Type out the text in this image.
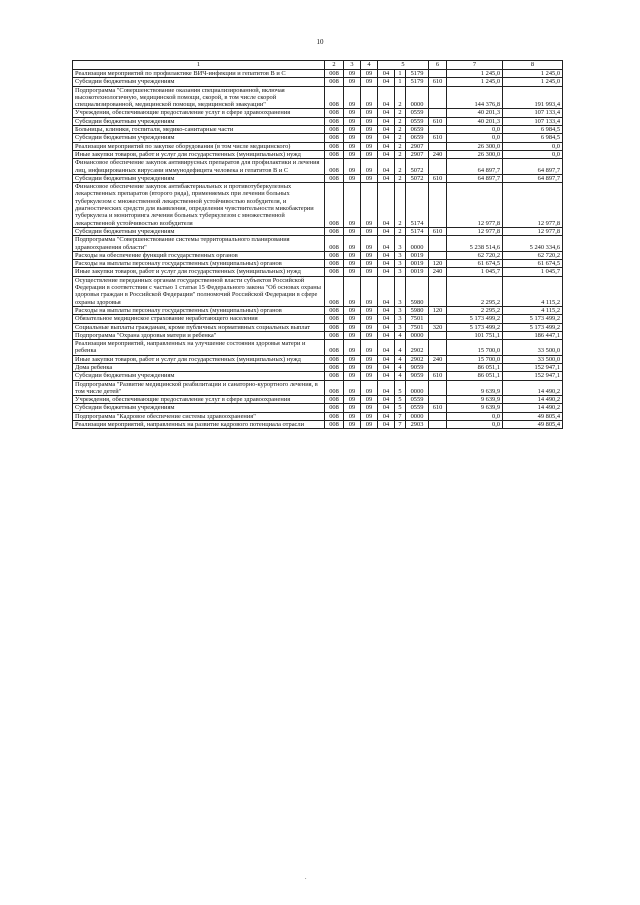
10
1	2	3	4	5			6	7	8
Реализация мероприятий по профилактике ВИЧ-инфекции и гепатитов В и С	008	09	09	04	1	5179		1 245,0	1 245,0
Субсидии бюджетным учреждениям	008	09	09	04	1	5179	610	1 245,0	1 245,0
Подпрограмма "Совершенствование оказания специализированной, включая высокотехнологичную, медицинской помощи, скорой, в том числе скорой специализированной, медицинской помощи, медицинской эвакуации"	008	09	09	04	2	0000		144 376,8	191 993,4
Учреждения, обеспечивающие предоставление услуг в сфере здравоохранения	008	09	09	04	2	0559		40 201,3	107 133,4
Субсидии бюджетным учреждениям	008	09	09	04	2	0559	610	40 201,3	107 133,4
Больницы, клиники, госпитали, медико-санитарные части	008	09	09	04	2	0659		0,0	6 984,5
Субсидии бюджетным учреждениям	008	09	09	04	2	0659	610	0,0	6 984,5
Реализация мероприятий по закупке оборудования (в том числе медицинского)	008	09	09	04	2	2907		26 300,0	0,0
Иные закупки товаров, работ и услуг для государственных (муниципальных) нужд	008	09	09	04	2	2907	240	26 300,0	0,0
Финансовое обеспечение закупок антивирусных препаратов для профилактики и лечения лиц, инфицированных вирусами иммунодефицита человека и гепатитов В и С	008	09	09	04	2	5072		64 897,7	64 897,7
Субсидии бюджетным учреждениям	008	09	09	04	2	5072	610	64 897,7	64 897,7
Финансовое обеспечение закупок антибактериальных и противотуберкулезных лекарственных препаратов (второго ряда), применяемых при лечении больных туберкулезом с множественной лекарственной устойчивостью возбудителя, и диагностических средств для выявления, определения чувствительности микобактерии туберкулеза и мониторинга лечения больных туберкулезом с множественной лекарственной устойчивостью возбудителя	008	09	09	04	2	5174		12 977,8	12 977,8
Субсидии бюджетным учреждениям	008	09	09	04	2	5174	610	12 977,8	12 977,8
Подпрограмма "Совершенствование системы территориального планирования здравоохранения области"	008	09	09	04	3	0000		5 238 514,6	5 240 334,6
Расходы на обеспечение функций государственных органов	008	09	09	04	3	0019		62 720,2	62 720,2
Расходы на выплаты персоналу государственных (муниципальных) органов	008	09	09	04	3	0019	120	61 674,5	61 674,5
Иные закупки товаров, работ и услуг для государственных (муниципальных) нужд	008	09	09	04	3	0019	240	1 045,7	1 045,7
Осуществление переданных органам государственной власти субъектов Российской Федерации в соответствии с частью 1 статьи 15 Федерального закона "Об основах охраны здоровья граждан в Российской Федерации" полномочий Российской Федерации в сфере охраны здоровья	008	09	09	04	3	5980		2 295,2	4 115,2
Расходы на выплаты персоналу государственных (муниципальных) органов	008	09	09	04	3	5980	120	2 295,2	4 115,2
Обязательное медицинское страхование неработающего населения	008	09	09	04	3	7501		5 173 499,2	5 173 499,2
Социальные выплаты гражданам, кроме публичных нормативных социальных выплат	008	09	09	04	3	7501	320	5 173 499,2	5 173 499,2
Подпрограмма "Охрана здоровья матери и ребенка"	008	09	09	04	4	0000		101 751,1	186 447,1
Реализация мероприятий, направленных на улучшение состояния здоровья матери и ребенка	008	09	09	04	4	2902		15 700,0	33 500,0
Иные закупки товаров, работ и услуг для государственных (муниципальных) нужд	008	09	09	04	4	2902	240	15 700,0	33 500,0
Дома ребенка	008	09	09	04	4	9059		86 051,1	152 947,1
Субсидии бюджетным учреждениям	008	09	09	04	4	9059	610	86 051,1	152 947,1
Подпрограмма "Развитие медицинской реабилитации и санаторно-курортного лечения, в том числе детей"	008	09	09	04	5	0000		9 639,9	14 490,2
Учреждения, обеспечивающие предоставление услуг в сфере здравоохранения	008	09	09	04	5	0559		9 639,9	14 490,2
Субсидии бюджетным учреждениям	008	09	09	04	5	0559	610	9 639,9	14 490,2
Подпрограмма "Кадровое обеспечение системы здравоохранения"	008	09	09	04	7	0000		0,0	49 805,4
Реализация мероприятий, направленных на развитие кадрового потенциала отрасли	008	09	09	04	7	2903		0,0	49 805,4
.
